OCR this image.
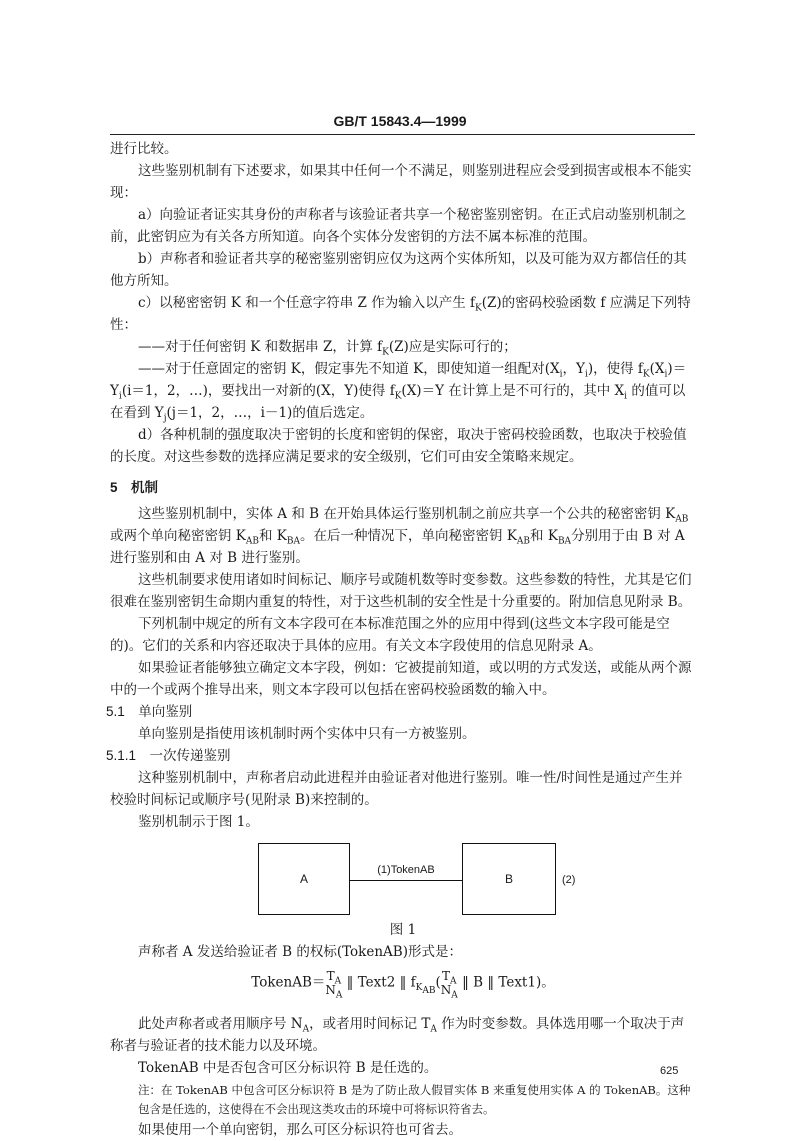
GB/T 15843.4—1999

进行比较。

这些鉴别机制有下述要求，如果其中任何一个不满足，则鉴别进程应会受到损害或根本不能实现：

a）向验证者证实其身份的声称者与该验证者共享一个秘密鉴别密钥。在正式启动鉴别机制之前，此密钥应为有关各方所知道。向各个实体分发密钥的方法不属本标准的范围。

b）声称者和验证者共享的秘密鉴别密钥应仅为这两个实体所知，以及可能为双方都信任的其他方所知。

c）以秘密密钥 K 和一个任意字符串 Z 作为输入以产生 $f_K(Z)$的密码校验函数 f 应满足下列特性：

——对于任何密钥 K 和数据串 Z，计算 $f_K(Z)$应是实际可行的；

——对于任意固定的密钥 K，假定事先不知道 K，即使知道一组配对($X_i$，$Y_i$)，使得 $f_K(X_i)=Y_i(i=1$，2，…)，要找出一对新的(X，Y)使得 $f_K(X)=Y$ 在计算上是不可行的，其中 $X_i$ 的值可以在看到 $Y_j(j=1$，2，…，i－1)的值后选定。

d）各种机制的强度取决于密钥的长度和密钥的保密，取决于密码校验函数，也取决于校验值的长度。对这些参数的选择应满足要求的安全级别，它们可由安全策略来规定。

5　机制

这些鉴别机制中，实体 A 和 B 在开始具体运行鉴别机制之前应共享一个公共的秘密密钥 $K_{AB}$或两个单向秘密密钥 $K_{AB}$和 $K_{BA}$。在后一种情况下，单向秘密密钥 $K_{AB}$和 $K_{BA}$分别用于由 B 对 A 进行鉴别和由 A 对 B 进行鉴别。

这些机制要求使用诸如时间标记、顺序号或随机数等时变参数。这些参数的特性，尤其是它们很难在鉴别密钥生命期内重复的特性，对于这些机制的安全性是十分重要的。附加信息见附录 B。

下列机制中规定的所有文本字段可在本标准范围之外的应用中得到(这些文本字段可能是空的)。它们的关系和内容还取决于具体的应用。有关文本字段使用的信息见附录 A。

如果验证者能够独立确定文本字段，例如：它被提前知道，或以明的方式发送，或能从两个源中的一个或两个推导出来，则文本字段可以包括在密码校验函数的输入中。

5.1　单向鉴别

单向鉴别是指使用该机制时两个实体中只有一方被鉴别。

5.1.1　一次传递鉴别

这种鉴别机制中，声称者启动此进程并由验证者对他进行鉴别。唯一性/时间性是通过产生并校验时间标记或顺序号(见附录 B)来控制的。

鉴别机制示于图 1。

A
(1)TokenAB
B	(2)

图 1

声称者 A 发送给验证者 B 的权标(TokenAB)形式是：

$TokenAB=T_A$
$N_A$ ‖ Text2 ‖ $f_{K_{AB}}(T_A$
$N_A$ ‖ B ‖ Text1)。

此处声称者或者用顺序号 $N_A$，或者用时间标记 $T_A$ 作为时变参数。具体选用哪一个取决于声称者与验证者的技术能力以及环境。

TokenAB 中是否包含可区分标识符 B 是任选的。

注：在 TokenAB 中包含可区分标识符 B 是为了防止敌人假冒实体 B 来重复使用实体 A 的 TokenAB。这种包含是任选的，这使得在不会出现这类攻击的环境中可将标识符省去。

如果使用一个单向密钥，那么可区分标识符也可省去。

625
